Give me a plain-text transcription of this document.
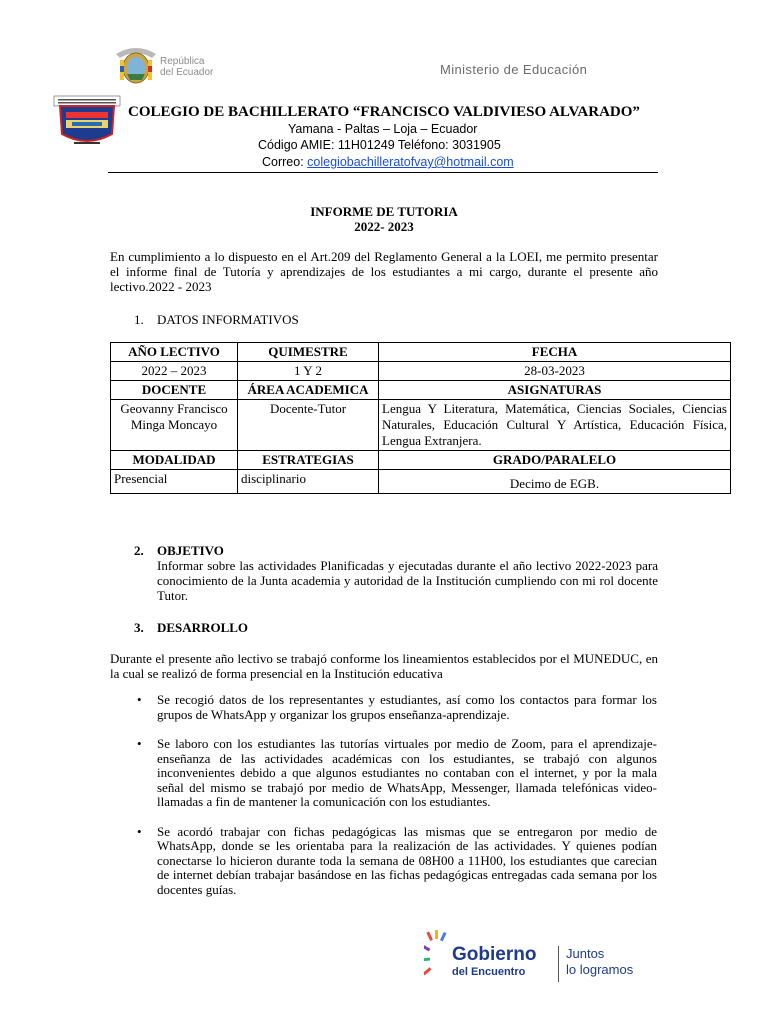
República
del Ecuador	Ministerio de Educación
COLEGIO DE BACHILLERATO “FRANCISCO VALDIVIESO ALVARADO”
Yamana - Paltas – Loja – Ecuador
Código AMIE: 11H01249 Teléfono: 3031905
Correo: colegiobachilleratofvay@hotmail.com
INFORME DE TUTORIA
2022- 2023
En cumplimiento a lo dispuesto en el Art.209 del Reglamento General a la LOEI, me permito presentar el informe final de Tutoría y aprendizajes de los estudiantes a mi cargo, durante el presente año lectivo.2022 - 2023
1. DATOS INFORMATIVOS
AÑO LECTIVO	QUIMESTRE	FECHA
2022 – 2023	1 Y 2	28-03-2023
DOCENTE	ÁREA ACADEMICA	ASIGNATURAS
Geovanny Francisco Minga Moncayo	Docente-Tutor	Lengua Y Literatura, Matemática, Ciencias Sociales, Ciencias Naturales, Educación Cultural Y Artística, Educación Física, Lengua Extranjera.
MODALIDAD	ESTRATEGIAS	GRADO/PARALELO
Presencial	disciplinario	Decimo de EGB.
2. OBJETIVO
Informar sobre las actividades Planificadas y ejecutadas durante el año lectivo 2022-2023 para conocimiento de la Junta academia y autoridad de la Institución cumpliendo con mi rol docente Tutor.
3. DESARROLLO
Durante el presente año lectivo se trabajó conforme los lineamientos establecidos por el MUNEDUC, en la cual se realizó de forma presencial en la Institución educativa
• Se recogió datos de los representantes y estudiantes, así como los contactos para formar los grupos de WhatsApp y organizar los grupos enseñanza-aprendizaje.
• Se laboro con los estudiantes las tutorías virtuales por medio de Zoom, para el aprendizaje-enseñanza de las actividades académicas con los estudiantes, se trabajó con algunos inconvenientes debido a que algunos estudiantes no contaban con el internet, y por la mala señal del mismo se trabajó por medio de WhatsApp, Messenger, llamada telefónicas video- llamadas a fin de mantener la comunicación con los estudiantes.
• Se acordó trabajar con fichas pedagógicas las mismas que se entregaron por medio de WhatsApp, donde se les orientaba para la realización de las actividades. Y quienes podían conectarse lo hicieron durante toda la semana de 08H00 a 11H00, los estudiantes que carecian de internet debían trabajar basándose en las fichas pedagógicas entregadas cada semana por los docentes guías.
Gobierno
del Encuentro
Juntos
lo logramos
